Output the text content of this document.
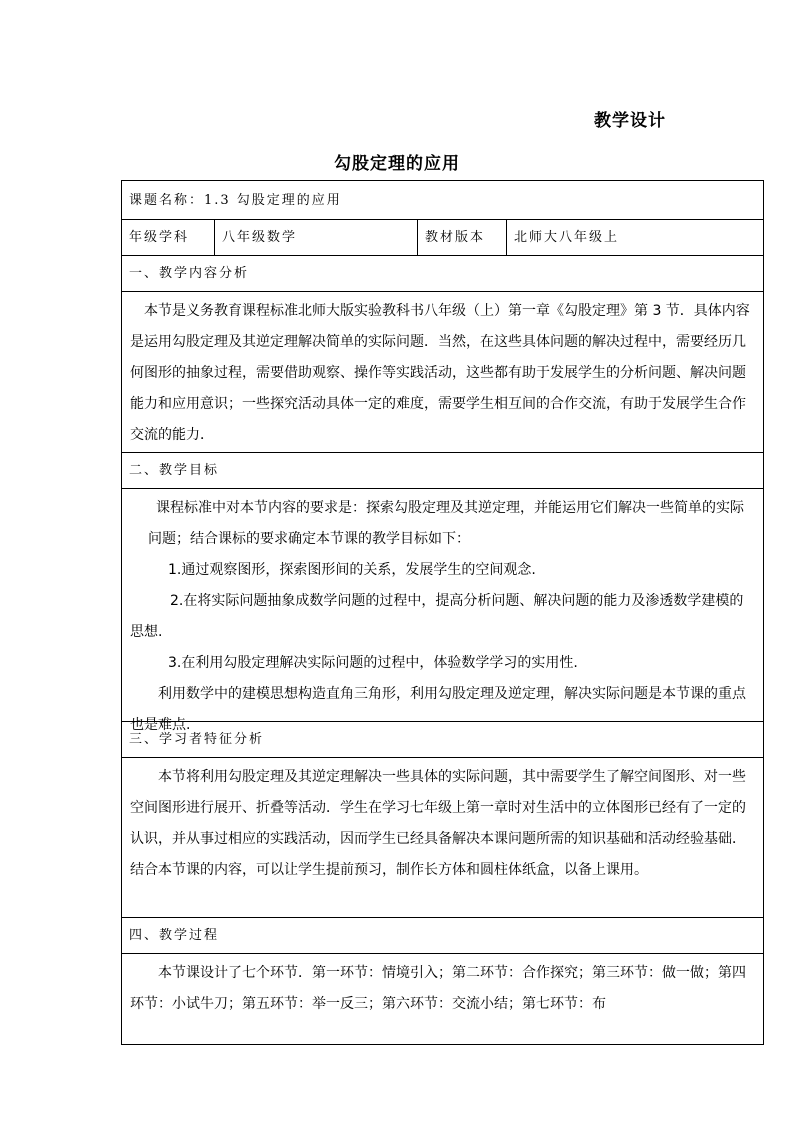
教学设计
勾股定理的应用
课题名称：1.3 勾股定理的应用
年级学科	八年级数学	教材版本	北师大八年级上
一、教学内容分析

本节是义务教育课程标准北师大版实验教科书八年级（上）第一章《勾股定理》第 3 节．具体内容是运用勾股定理及其逆定理解决简单的实际问题．当然，在这些具体问题的解决过程中，需要经历几何图形的抽象过程，需要借助观察、操作等实践活动，这些都有助于发展学生的分析问题、解决问题能力和应用意识；一些探究活动具体一定的难度，需要学生相互间的合作交流，有助于发展学生合作交流的能力．

二、教学目标

课程标准中对本节内容的要求是：探索勾股定理及其逆定理，并能运用它们解决一些简单的实际问题；结合课标的要求确定本节课的教学目标如下：

1.通过观察图形，探索图形间的关系，发展学生的空间观念.

2.在将实际问题抽象成数学问题的过程中，提高分析问题、解决问题的能力及渗透数学建模的思想.

3.在利用勾股定理解决实际问题的过程中，体验数学学习的实用性.

利用数学中的建模思想构造直角三角形，利用勾股定理及逆定理，解决实际问题是本节课的重点也是难点.

三、学习者特征分析

本节将利用勾股定理及其逆定理解决一些具体的实际问题，其中需要学生了解空间图形、对一些空间图形进行展开、折叠等活动．学生在学习七年级上第一章时对生活中的立体图形已经有了一定的认识，并从事过相应的实践活动，因而学生已经具备解决本课问题所需的知识基础和活动经验基础．结合本节课的内容，可以让学生提前预习，制作长方体和圆柱体纸盒，以备上课用。

四、教学过程

本节课设计了七个环节．第一环节：情境引入；第二环节：合作探究；第三环节：做一做；第四环节：小试牛刀；第五环节：举一反三；第六环节：交流小结；第七环节：布
